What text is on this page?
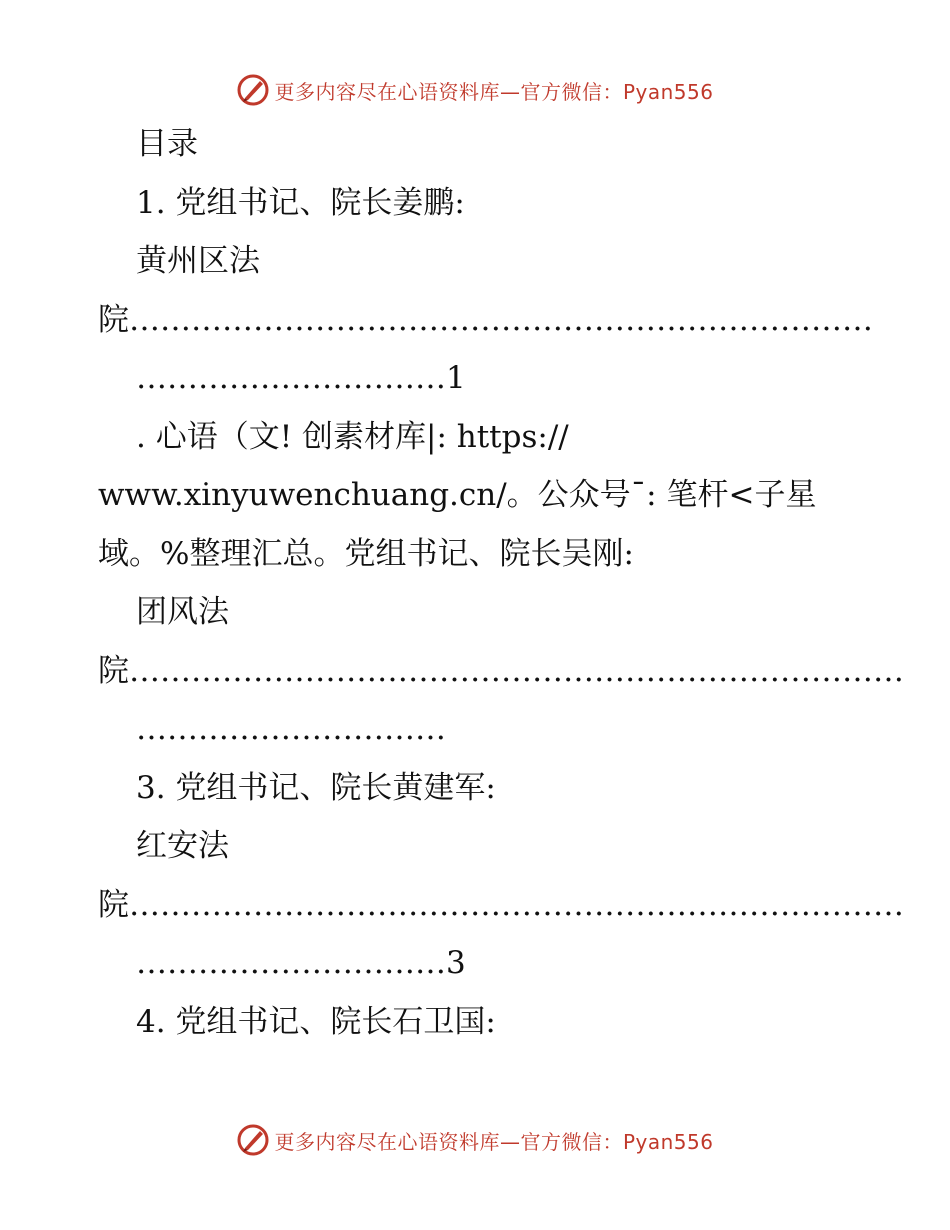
更多内容尽在心语资料库—官方微信：Pyan556
目录
1. 党组书记、院长姜鹏:
黄州区法
院………………………………………………………………
…………………………1
. 心语（文! 创素材库|: https://
www.xinyuwenchuang.cn/。公众号¯: 笔杆<子星
域。%整理汇总。党组书记、院长吴刚:
团风法
院…………………………………………………………………
…………………………
3. 党组书记、院长黄建军:
红安法
院…………………………………………………………………
…………………………3
4. 党组书记、院长石卫国:
更多内容尽在心语资料库—官方微信：Pyan556
